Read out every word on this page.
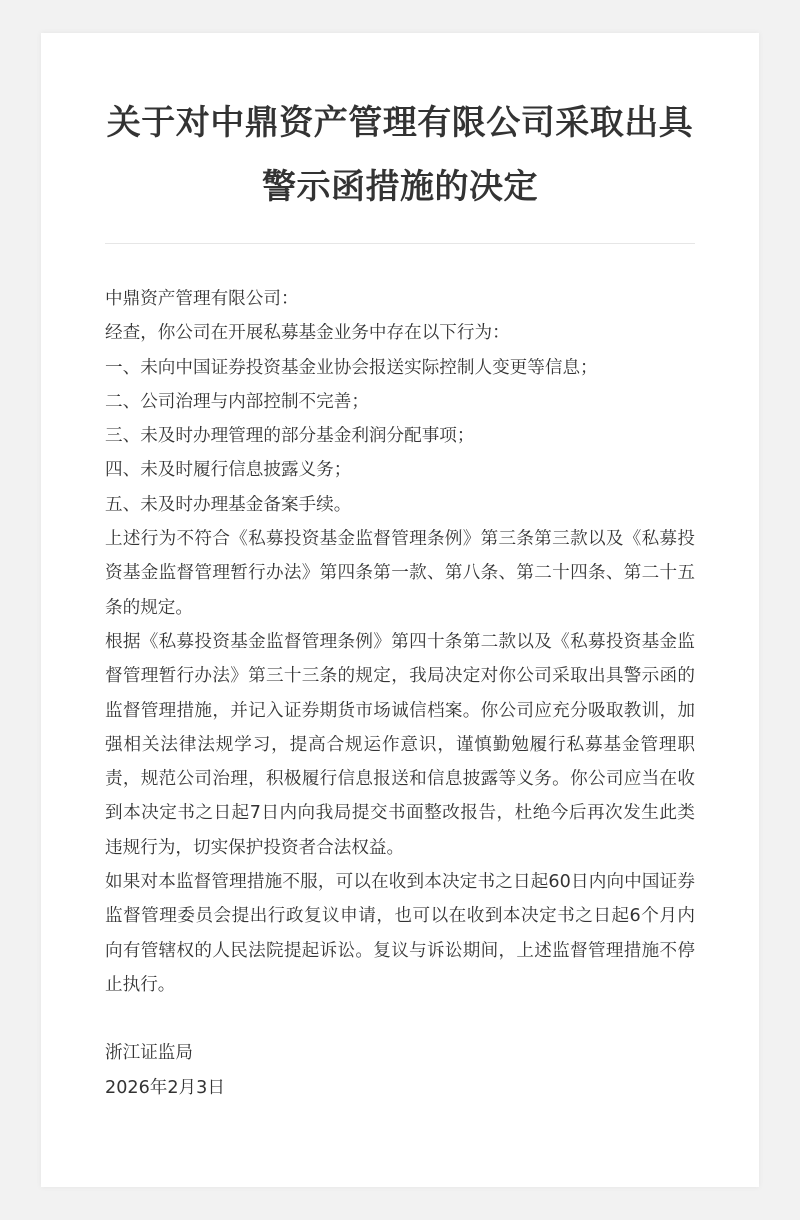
关于对中鼎资产管理有限公司采取出具警示函措施的决定

中鼎资产管理有限公司：

经查，你公司在开展私募基金业务中存在以下行为：

一、未向中国证券投资基金业协会报送实际控制人变更等信息；

二、公司治理与内部控制不完善；

三、未及时办理管理的部分基金利润分配事项；

四、未及时履行信息披露义务；

五、未及时办理基金备案手续。

上述行为不符合《私募投资基金监督管理条例》第三条第三款以及《私募投资基金监督管理暂行办法》第四条第一款、第八条、第二十四条、第二十五条的规定。

根据《私募投资基金监督管理条例》第四十条第二款以及《私募投资基金监督管理暂行办法》第三十三条的规定，我局决定对你公司采取出具警示函的监督管理措施，并记入证券期货市场诚信档案。你公司应充分吸取教训，加强相关法律法规学习，提高合规运作意识，谨慎勤勉履行私募基金管理职责，规范公司治理，积极履行信息报送和信息披露等义务。你公司应当在收到本决定书之日起7日内向我局提交书面整改报告，杜绝今后再次发生此类违规行为，切实保护投资者合法权益。

如果对本监督管理措施不服，可以在收到本决定书之日起60日内向中国证券监督管理委员会提出行政复议申请，也可以在收到本决定书之日起6个月内向有管辖权的人民法院提起诉讼。复议与诉讼期间，上述监督管理措施不停止执行。

浙江证监局

2026年2月3日
